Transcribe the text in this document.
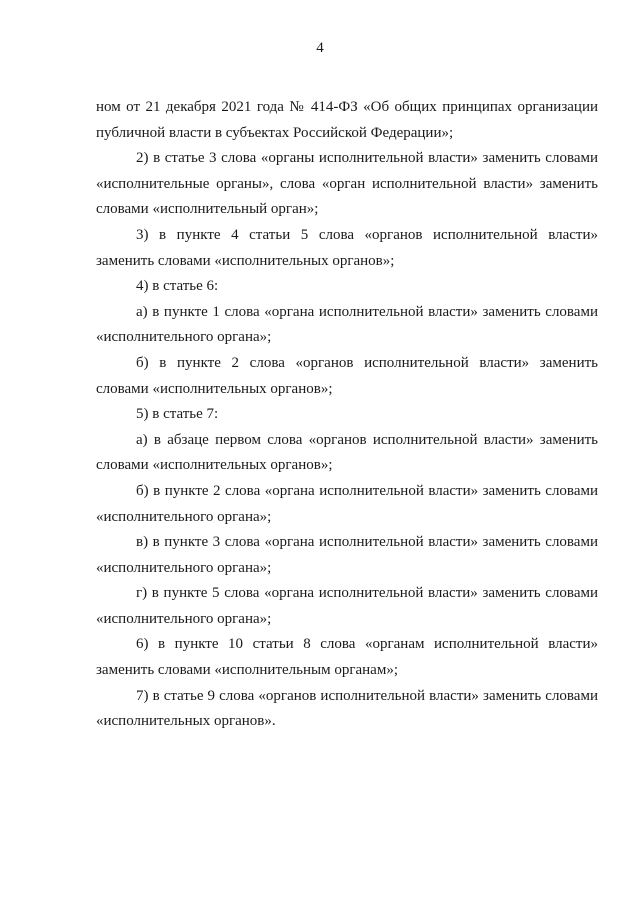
4

ном от 21 декабря 2021 года № 414-ФЗ «Об общих принципах организации публичной власти в субъектах Российской Федерации»;

2) в статье 3 слова «органы исполнительной власти» заменить словами «исполнительные органы», слова «орган исполнительной власти» заменить словами «исполнительный орган»;

3) в пункте 4 статьи 5 слова «органов исполнительной власти» заменить словами «исполнительных органов»;

4) в статье 6:

а) в пункте 1 слова «органа исполнительной власти» заменить словами «исполнительного органа»;

б) в пункте 2 слова «органов исполнительной власти» заменить словами «исполнительных органов»;

5) в статье 7:

а) в абзаце первом слова «органов исполнительной власти» заменить словами «исполнительных органов»;

б) в пункте 2 слова «органа исполнительной власти» заменить словами «исполнительного органа»;

в) в пункте 3 слова «органа исполнительной власти» заменить словами «исполнительного органа»;

г) в пункте 5 слова «органа исполнительной власти» заменить словами «исполнительного органа»;

6) в пункте 10 статьи 8 слова «органам исполнительной власти» заменить словами «исполнительным органам»;

7) в статье 9 слова «органов исполнительной власти» заменить словами «исполнительных органов».
